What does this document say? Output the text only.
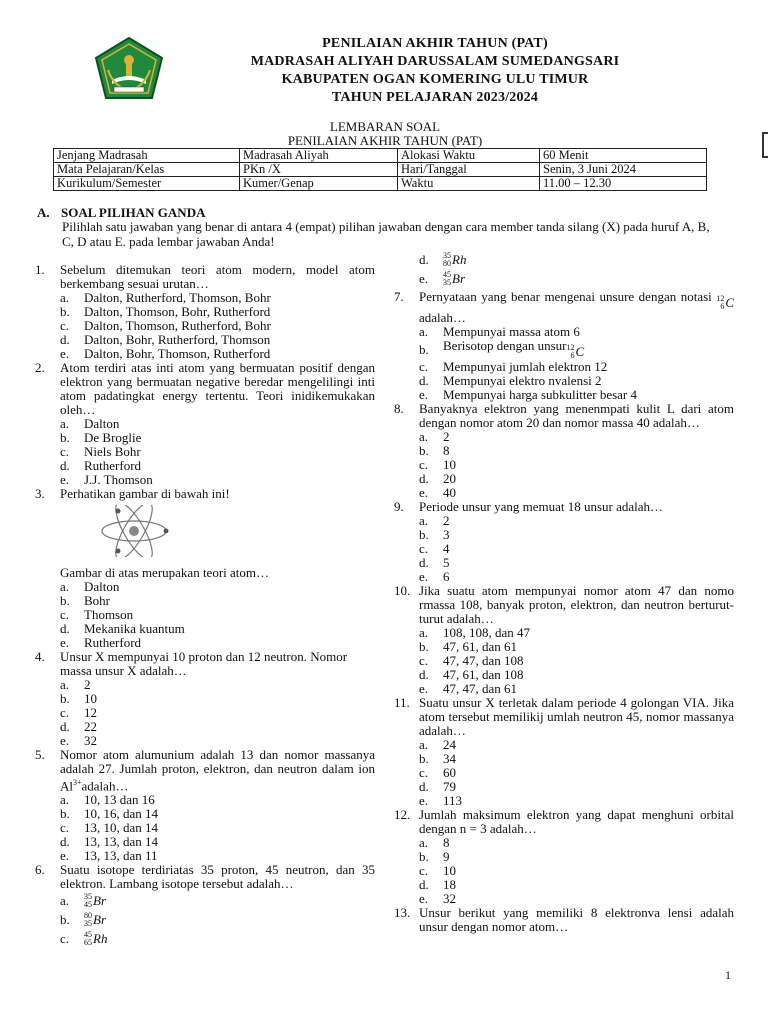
PENILAIAN AKHIR TAHUN (PAT)
MADRASAH ALIYAH DARUSSALAM SUMEDANGSARI
KABUPATEN OGAN KOMERING ULU TIMUR
TAHUN PELAJARAN 2023/2024
LEMBARAN SOAL
PENILAIAN AKHIR TAHUN (PAT)
Jenjang Madrasah	Madrasah Aliyah	Alokasi Waktu	60 Menit
Mata Pelajaran/Kelas	PKn /X	Hari/Tanggal	Senin, 3 Juni 2024
Kurikulum/Semester	Kumer/Genap	Waktu	11.00 – 12.30
A. SOAL PILIHAN GANDA
Pilihlah satu jawaban yang benar di antara 4 (empat) pilihan jawaban dengan cara member tanda silang (X) pada huruf A, B, C, D atau E. pada lembar jawaban Anda!
1.	Sebelum ditemukan teori atom modern, model atom berkembang sesuai urutan…
a.	Dalton, Rutherford, Thomson, Bohr
b.	Dalton, Thomson, Bohr, Rutherford
c.	Dalton, Thomson, Rutherford, Bohr
d.	Dalton, Bohr, Rutherford, Thomson
e.	Dalton, Bohr, Thomson, Rutherford
2.	Atom terdiri atas inti atom yang bermuatan positif dengan elektron yang bermuatan negative beredar mengelilingi inti atom padatingkat energy tertentu. Teori inidikemukakan oleh…
a.	Dalton
b.	De Broglie
c.	Niels Bohr
d.	Rutherford
e.	J.J. Thomson
3.	Perhatikan gambar di bawah ini!
Gambar di atas merupakan teori atom…
a.	Dalton
b.	Bohr
c.	Thomson
d.	Mekanika kuantum
e.	Rutherford
4.	Unsur X mempunyai 10 proton dan 12 neutron. Nomor massa unsur X adalah…
a.	2
b.	10
c.	12
d.	22
e.	32
5.	Nomor atom alumunium adalah 13 dan nomor massanya adalah 27. Jumlah proton, elektron, dan neutron dalam ion $Al^{3+}adalah\dots$
a.	10, 13 dan 16
b.	10, 16, dan 14
c.	13, 10, dan 14
d.	13, 13, dan 14
e.	13, 13, dan 11
6.	Suatu isotope terdiriatas 35 proton, 45 neutron, dan 35 elektron. Lambang isotope tersebut adalah…
a.	35
45 Br
b.	80
35 Br
c.	45
65 Rh
d.	35
80 Rh
e.	45
35 Br
7.	Pernyataan yang benar mengenai unsure dengan notasi 12
6 C
adalah…
a.	Mempunyai massa atom 6
b.	Berisotop dengan unsur 12
6 C
c.	Mempunyai jumlah elektron 12
d.	Mempunyai elektro nvalensi 2
e.	Mempunyai harga subkulitter besar 4
8.	Banyaknya elektron yang menenmpati kulit L dari atom dengan nomor atom 20 dan nomor massa 40 adalah…
a.	2
b.	8
c.	10
d.	20
e.	40
9.	Periode unsur yang memuat 18 unsur adalah…
a.	2
b.	3
c.	4
d.	5
e.	6
10. Jika suatu atom mempunyai nomor atom 47 dan nomo rmassa 108, banyak proton, elektron, dan neutron berturut-turut adalah…
a.	108, 108, dan 47
b.	47, 61, dan 61
c.	47, 47, dan 108
d.	47, 61, dan 108
e.	47, 47, dan 61
11. Suatu unsur X terletak dalam periode 4 golongan VIA. Jika atom tersebut memilikij umlah neutron 45, nomor massanya adalah…
a.	24
b.	34
c.	60
d.	79
e.	113
12. Jumlah maksimum elektron yang dapat menghuni orbital dengan n = 3 adalah…
a.	8
b.	9
c.	10
d.	18
e.	32
13. Unsur berikut yang memiliki 8 elektronva lensi adalah unsur dengan nomor atom…
1
